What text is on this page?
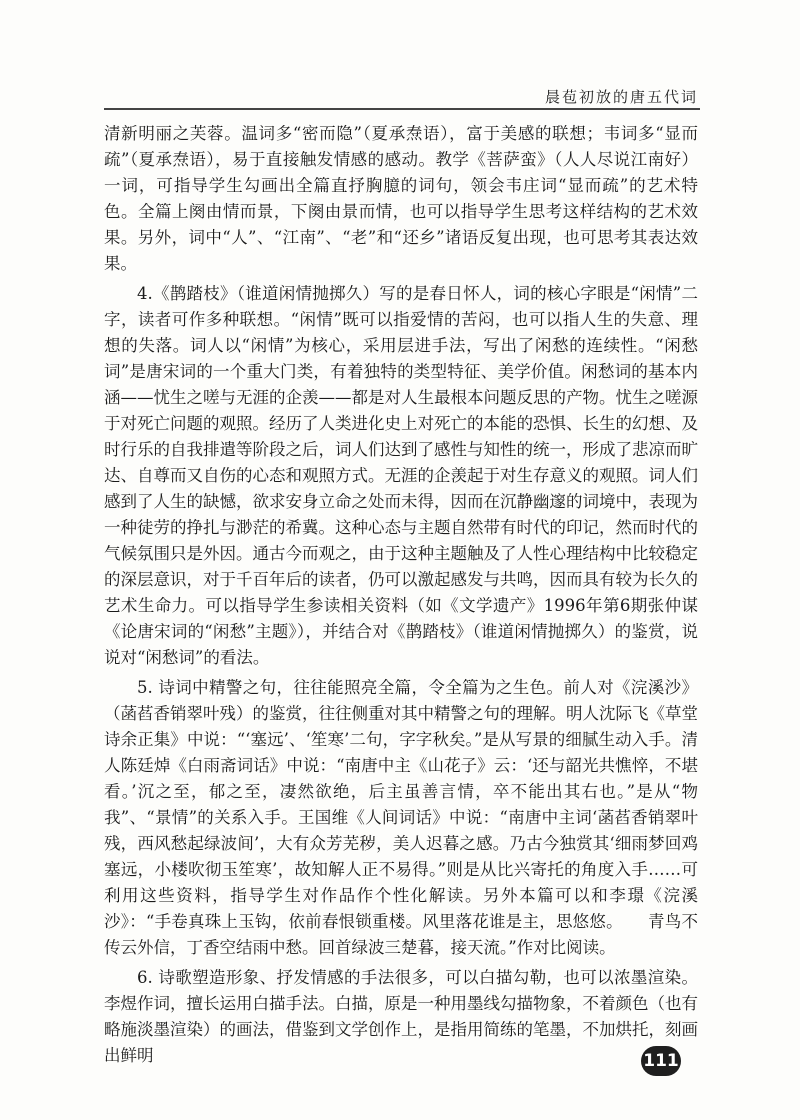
晨苞初放的唐五代词

清新明丽之芙蓉。温词多“密而隐”（夏承焘语），富于美感的联想；韦词多“显而疏”（夏承焘语），易于直接触发情感的感动。教学《菩萨蛮》（人人尽说江南好）一词，可指导学生勾画出全篇直抒胸臆的词句，领会韦庄词“显而疏”的艺术特色。全篇上阕由情而景，下阕由景而情，也可以指导学生思考这样结构的艺术效果。另外，词中“人”、“江南”、“老”和“还乡”诸语反复出现，也可思考其表达效果。

4.《鹊踏枝》（谁道闲情抛掷久）写的是春日怀人，词的核心字眼是“闲情”二字，读者可作多种联想。“闲情”既可以指爱情的苦闷，也可以指人生的失意、理想的失落。词人以“闲情”为核心，采用层进手法，写出了闲愁的连续性。“闲愁词”是唐宋词的一个重大门类，有着独特的类型特征、美学价值。闲愁词的基本内涵——忧生之嗟与无涯的企羡——都是对人生最根本问题反思的产物。忧生之嗟源于对死亡问题的观照。经历了人类进化史上对死亡的本能的恐惧、长生的幻想、及时行乐的自我排遣等阶段之后，词人们达到了感性与知性的统一，形成了悲凉而旷达、自尊而又自伤的心态和观照方式。无涯的企羡起于对生存意义的观照。词人们感到了人生的缺憾，欲求安身立命之处而未得，因而在沉静幽邃的词境中，表现为一种徒劳的挣扎与渺茫的希冀。这种心态与主题自然带有时代的印记，然而时代的气候氛围只是外因。通古今而观之，由于这种主题触及了人性心理结构中比较稳定的深层意识，对于千百年后的读者，仍可以激起感发与共鸣，因而具有较为长久的艺术生命力。可以指导学生参读相关资料（如《文学遗产》1996年第6期张仲谋《论唐宋词的“闲愁”主题》），并结合对《鹊踏枝》（谁道闲情抛掷久）的鉴赏，说说对“闲愁词”的看法。

5. 诗词中精警之句，往往能照亮全篇，令全篇为之生色。前人对《浣溪沙》（菡萏香销翠叶残）的鉴赏，往往侧重对其中精警之句的理解。明人沈际飞《草堂诗余正集》中说：“‘塞远’、‘笙寒’二句，字字秋矣。”是从写景的细腻生动入手。清人陈廷焯《白雨斋词话》中说：“南唐中主《山花子》云：‘还与韶光共憔悴，不堪看。’沉之至，郁之至，凄然欲绝，后主虽善言情，卒不能出其右也。”是从“物我”、“景情”的关系入手。王国维《人间词话》中说：“南唐中主词‘菡萏香销翠叶残，西风愁起绿波间’，大有众芳芜秽，美人迟暮之感。乃古今独赏其‘细雨梦回鸡塞远，小楼吹彻玉笙寒’，故知解人正不易得。”则是从比兴寄托的角度入手……可利用这些资料，指导学生对作品作个性化解读。另外本篇可以和李璟《浣溪沙》：“手卷真珠上玉钩，依前春恨锁重楼。风里落花谁是主，思悠悠。　　青鸟不传云外信，丁香空结雨中愁。回首绿波三楚暮，接天流。”作对比阅读。

6. 诗歌塑造形象、抒发情感的手法很多，可以白描勾勒，也可以浓墨渲染。李煜作词，擅长运用白描手法。白描，原是一种用墨线勾描物象，不着颜色（也有略施淡墨渲染）的画法，借鉴到文学创作上，是指用简练的笔墨，不加烘托，刻画出鲜明	111
